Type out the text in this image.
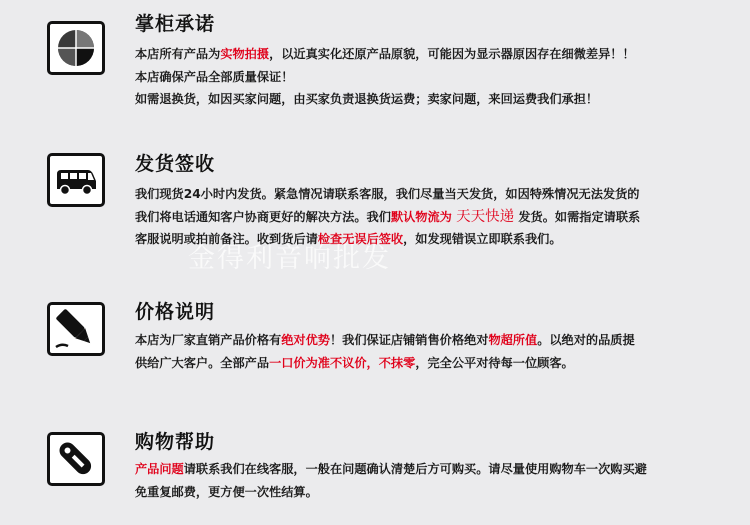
掌柜承诺
本店所有产品为实物拍摄，以近真实化还原产品原貌，可能因为显示器原因存在细微差异！！
本店确保产品全部质量保证！
如需退换货，如因买家问题，由买家负责退换货运费；卖家问题，来回运费我们承担！
发货签收
我们现货24小时内发货。紧急情况请联系客服，我们尽量当天发货，如因特殊情况无法发货的
我们将电话通知客户协商更好的解决方法。我们默认物流为 天天快递 发货。如需指定请联系
客服说明或拍前备注。收到货后请检查无误后签收，如发现错误立即联系我们。
价格说明
本店为厂家直销产品价格有绝对优势！我们保证店铺销售价格绝对物超所值。以绝对的品质提
供给广大客户。全部产品一口价为准不议价，不抹零，完全公平对待每一位顾客。
购物帮助
产品问题请联系我们在线客服，一般在问题确认清楚后方可购买。请尽量使用购物车一次购买避
免重复邮费，更方便一次性结算。
金得利音响批发
